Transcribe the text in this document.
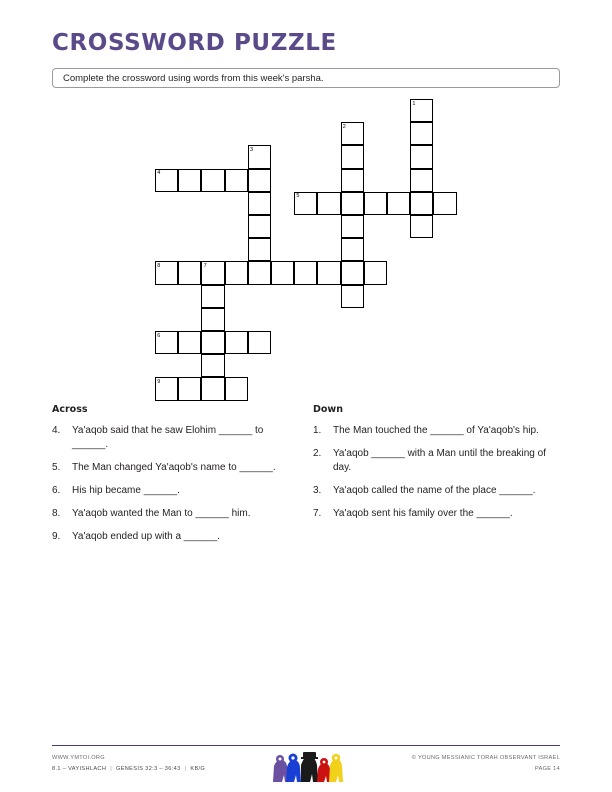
CROSSWORD PUZZLE
Complete the crossword using words from this week's parsha.
1
2
3
5
4
8	7
6
9
Across
4.	Ya'aqob said that he saw Elohim ______ to ______.
5.	The Man changed Ya'aqob's name to ______.
6.	His hip became ______.
8.	Ya'aqob wanted the Man to ______ him.
9.	Ya'aqob ended up with a ______.
Down
1.	The Man touched the ______ of Ya'aqob's hip.
2.	Ya'aqob ______ with a Man until the breaking of day.
3.	Ya'aqob called the name of the place ______.
7.	Ya'aqob sent his family over the ______.
WWW.YMTOI.ORG
8.1 – VAYISHLACH | GENESIS 32:3 – 36:43 | KB/G
© YOUNG MESSIANIC TORAH OBSERVANT ISRAEL
PAGE 14
